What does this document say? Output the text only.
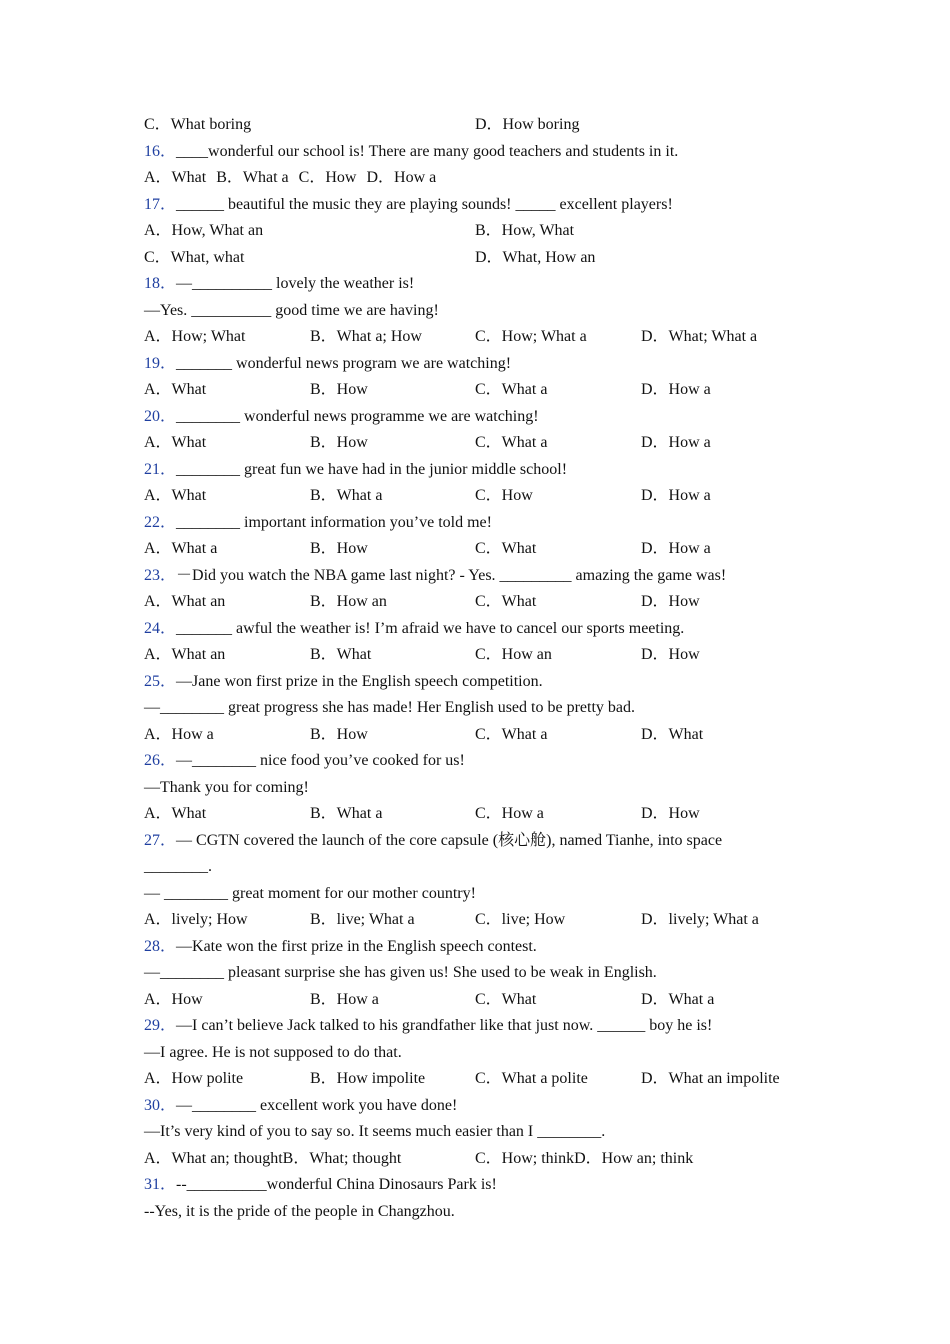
C．What boring	D．How boring
16．____wonderful our school is! There are many good teachers and students in it.
A．What B．What a C．How D．How a
17．______ beautiful the music they are playing sounds! _____ excellent players!
A．How, What an	B．How, What
C．What, what	D．What, How an
18．—__________ lovely the weather is!
—Yes. __________ good time we are having!
A．How; What	B．What a; How	C．How; What a	D．What; What a
19．_______ wonderful news program we are watching!
A．What	B．How	C．What a	D．How a
20．________ wonderful news programme we are watching!
A．What	B．How	C．What a	D．How a
21．________ great fun we have had in the junior middle school!
A．What	B．What a	C．How	D．How a
22．________ important information you’ve told me!
A．What a	B．How	C．What	D．How a
23．－Did you watch the NBA game last night? - Yes. _________ amazing the game was!
A．What an	B．How an	C．What	D．How
24．_______ awful the weather is! I’m afraid we have to cancel our sports meeting.
A．What an	B．What	C．How an	D．How
25．—Jane won first prize in the English speech competition.
—________ great progress she has made! Her English used to be pretty bad.
A．How a	B．How	C．What a	D．What
26．—________ nice food you’ve cooked for us!
—Thank you for coming!
A．What	B．What a	C．How a	D．How
27．— CGTN covered the launch of the core capsule (核心舱), named Tianhe, into space
________.
— ________ great moment for our mother country!
A．lively; How	B．live; What a	C．live; How	D．lively; What a
28．—Kate won the first prize in the English speech contest.
—________ pleasant surprise she has given us! She used to be weak in English.
A．How	B．How a	C．What	D．What a
29．—I can’t believe Jack talked to his grandfather like that just now. ______ boy he is!
—I agree. He is not supposed to do that.
A．How polite	B．How impolite	C．What a polite	D．What an impolite
30．—________ excellent work you have done!
—It’s very kind of you to say so. It seems much easier than I ________.
A．What an; thoughtB．What; thought	C．How; thinkD．How an; think
31．--__________wonderful China Dinosaurs Park is!
--Yes, it is the pride of the people in Changzhou.
